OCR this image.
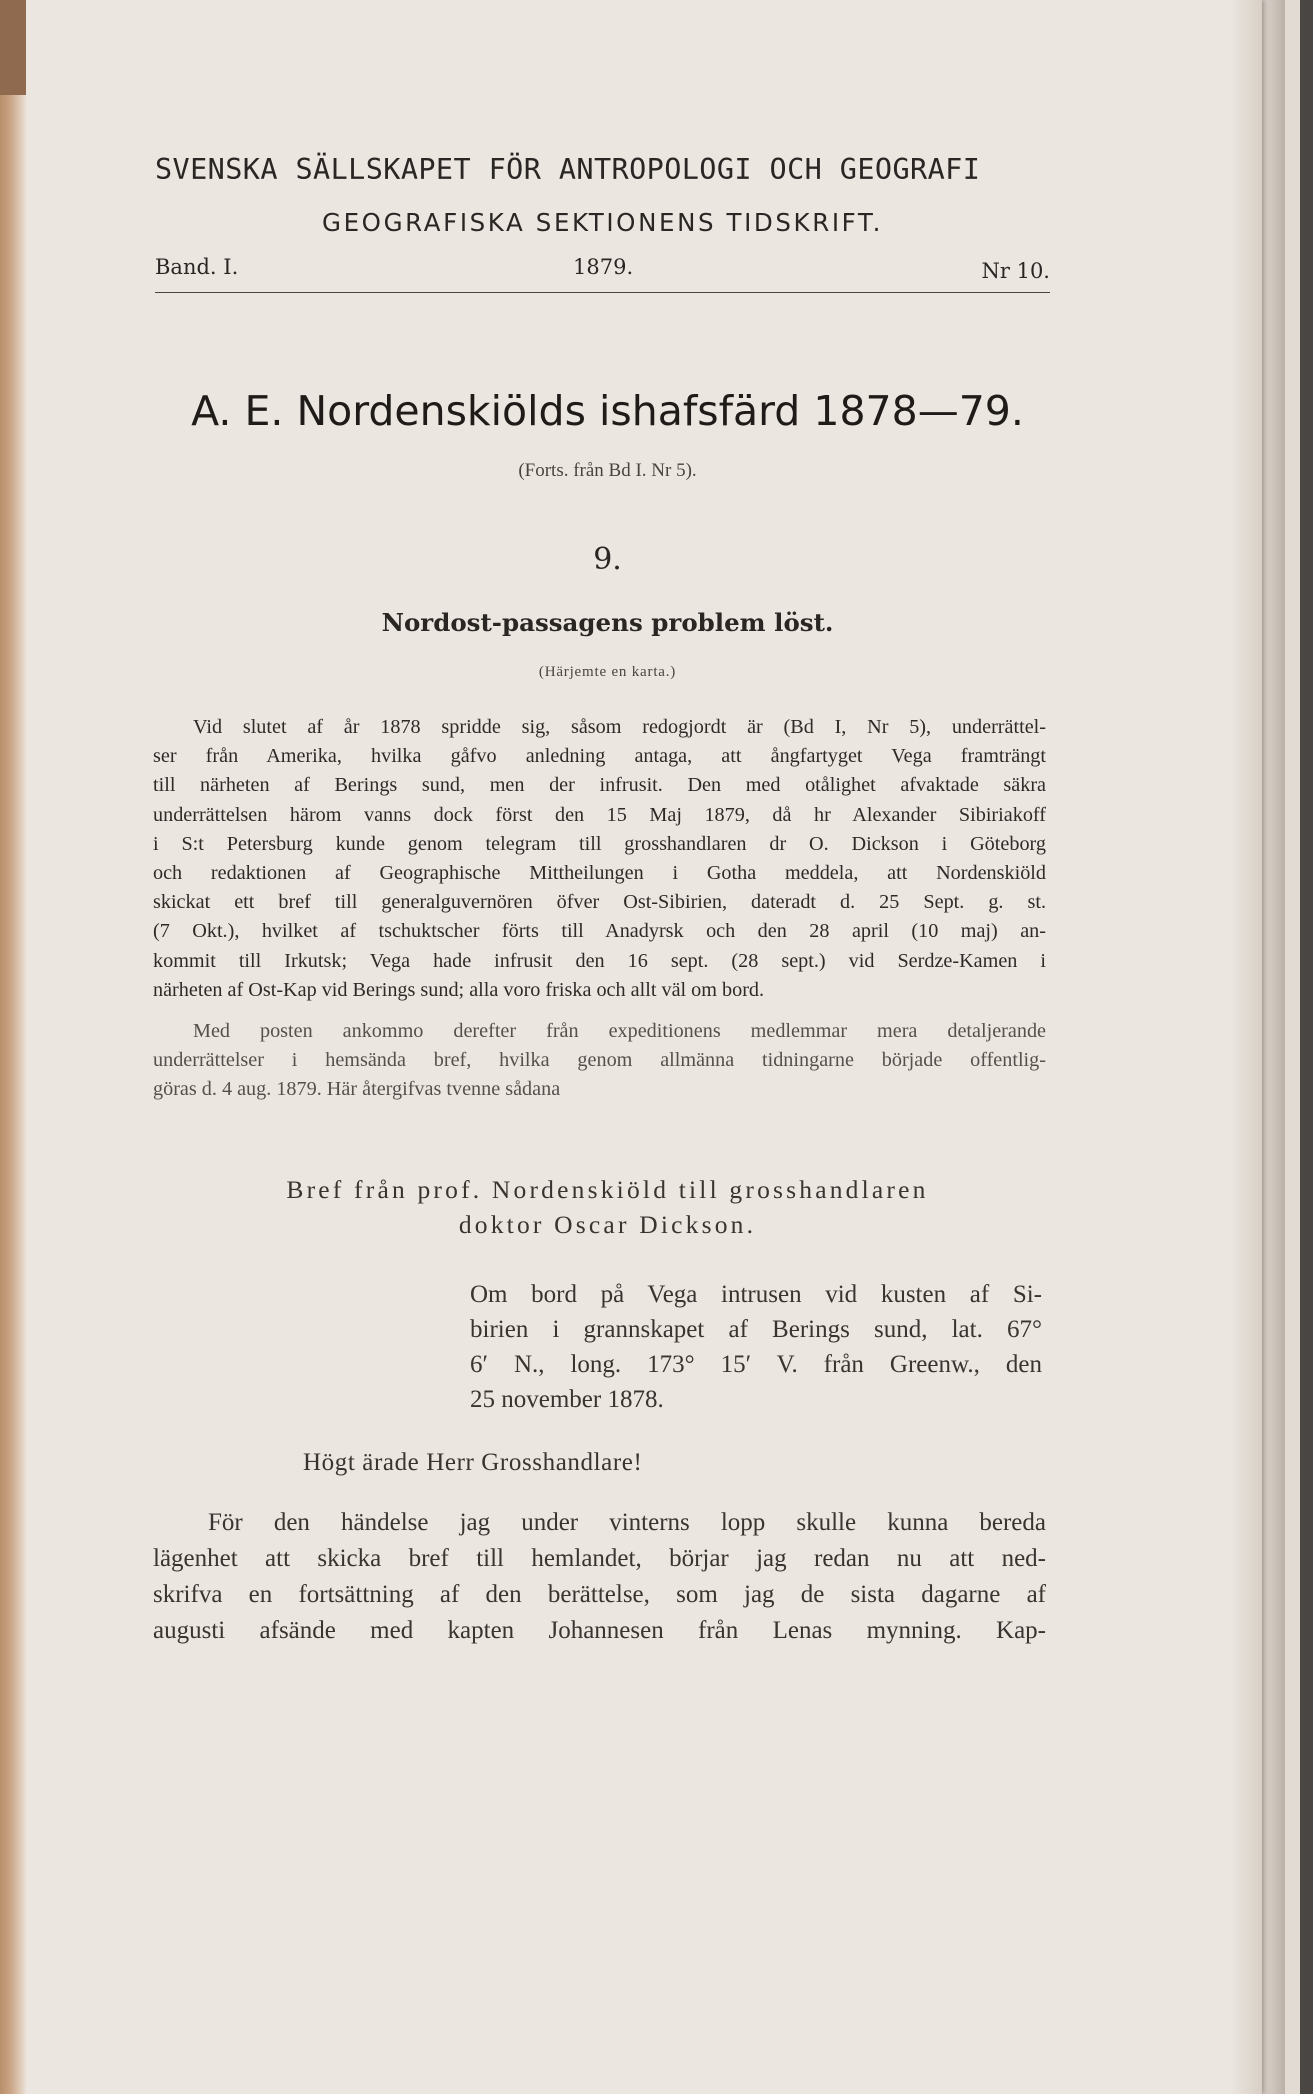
SVENSKA SÄLLSKAPET FÖR ANTROPOLOGI OCH GEOGRAFI
GEOGRAFISKA SEKTIONENS TIDSKRIFT.
Band. I.	1879.	Nr 10.
A. E. Nordenskiölds ishafsfärd 1878—79.
(Forts. från Bd I. Nr 5).
9.
Nordost-passagens problem löst.
(Härjemte en karta.)
Vid slutet af år 1878 spridde sig, såsom redogjordt är (Bd I, Nr 5), underrättel-
ser från Amerika, hvilka gåfvo anledning antaga, att ångfartyget Vega framträngt
till närheten af Berings sund, men der infrusit. Den med otålighet afvaktade säkra
underrättelsen härom vanns dock först den 15 Maj 1879, då hr Alexander Sibiriakoff
i S:t Petersburg kunde genom telegram till grosshandlaren dr O. Dickson i Göteborg
och redaktionen af Geographische Mittheilungen i Gotha meddela, att Nordenskiöld
skickat ett bref till generalguvernören öfver Ost-Sibirien, dateradt d. 25 Sept. g. st.
(7 Okt.), hvilket af tschuktscher förts till Anadyrsk och den 28 april (10 maj) an-
kommit till Irkutsk; Vega hade infrusit den 16 sept. (28 sept.) vid Serdze-Kamen i
närheten af Ost-Kap vid Berings sund; alla voro friska och allt väl om bord.
Med posten ankommo derefter från expeditionens medlemmar mera detaljerande
underrättelser i hemsända bref, hvilka genom allmänna tidningarne började offentlig-
göras d. 4 aug. 1879. Här återgifvas tvenne sådana
Bref från prof. Nordenskiöld till grosshandlaren
doktor Oscar Dickson.
Om bord på Vega intrusen vid kusten af Si-
birien i grannskapet af Berings sund, lat. 67°
6′ N., long. 173° 15′ V. från Greenw., den
25 november 1878.
Högt ärade Herr Grosshandlare!
För den händelse jag under vinterns lopp skulle kunna bereda
lägenhet att skicka bref till hemlandet, börjar jag redan nu att ned-
skrifva en fortsättning af den berättelse, som jag de sista dagarne af
augusti afsände med kapten Johannesen från Lenas mynning. Kap-
